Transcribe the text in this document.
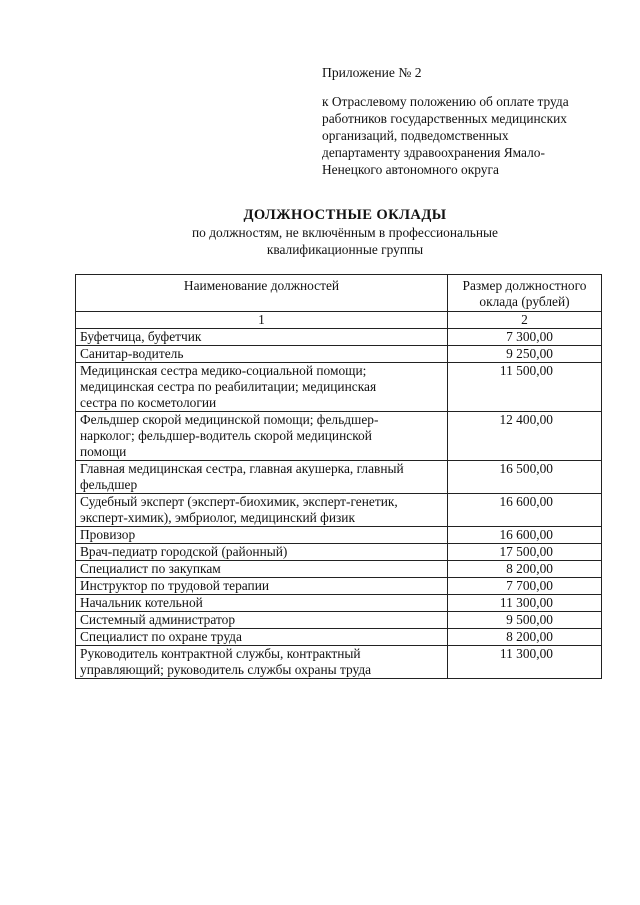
Приложение № 2
к Отраслевому положению об оплате труда
работников государственных медицинских
организаций, подведомственных
департаменту здравоохранения Ямало-
Ненецкого автономного округа
ДОЛЖНОСТНЫЕ ОКЛАДЫ
по должностям, не включённым в профессиональные
квалификационные группы
Наименование должностей	Размер должностного
оклада (рублей)

1	2

Буфетчица, буфетчик	7 300,00

Санитар-водитель	9 250,00

Медицинская сестра медико-социальной помощи;
медицинская сестра по реабилитации; медицинская
сестра по косметологии	11 500,00

Фельдшер скорой медицинской помощи; фельдшер-
нарколог; фельдшер-водитель скорой медицинской
помощи	12 400,00

Главная медицинская сестра, главная акушерка, главный
фельдшер	16 500,00

Судебный эксперт (эксперт-биохимик, эксперт-генетик,
эксперт-химик), эмбриолог, медицинский физик	16 600,00

Провизор	16 600,00

Врач-педиатр городской (районный)	17 500,00

Специалист по закупкам	8 200,00

Инструктор по трудовой терапии	7 700,00

Начальник котельной	11 300,00

Системный администратор	9 500,00

Специалист по охране труда	8 200,00

Руководитель контрактной службы, контрактный
управляющий; руководитель службы охраны труда	11 300,00
